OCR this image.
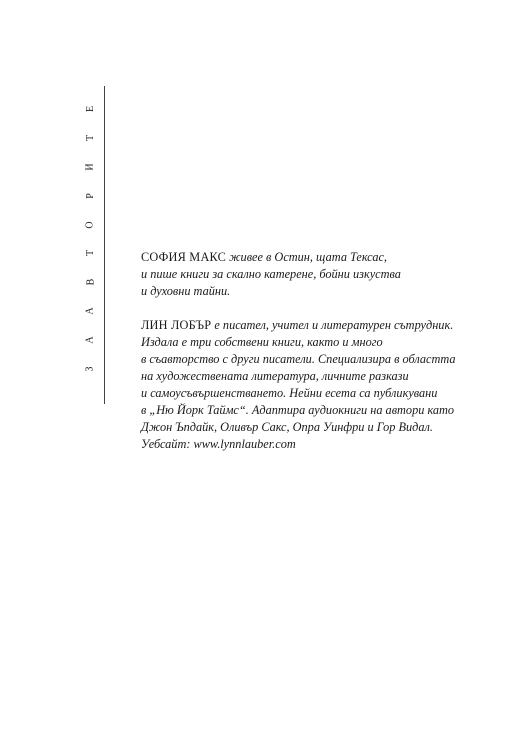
З
А
А
В
Т
О
Р
И
Т
Е

СОФИЯ МАКС живее в Остин, щата Тексас,
и пише книги за скално катерене, бойни изкуства
и духовни тайни.

ЛИН ЛОБЪР е писател, учител и литературен сътрудник.
Издала е три собствени книги, както и много
в съавторство с други писатели. Специализира в областта
на художествената литература, личните разкази
и самоусъвършенстването. Нейни есета са публикувани
в „Ню Йорк Таймс“. Адаптира аудиокниги на автори като
Джон Ъпдайк, Оливър Сакс, Опра Уинфри и Гор Видал.
Уебсайт: www.lynnlauber.com
